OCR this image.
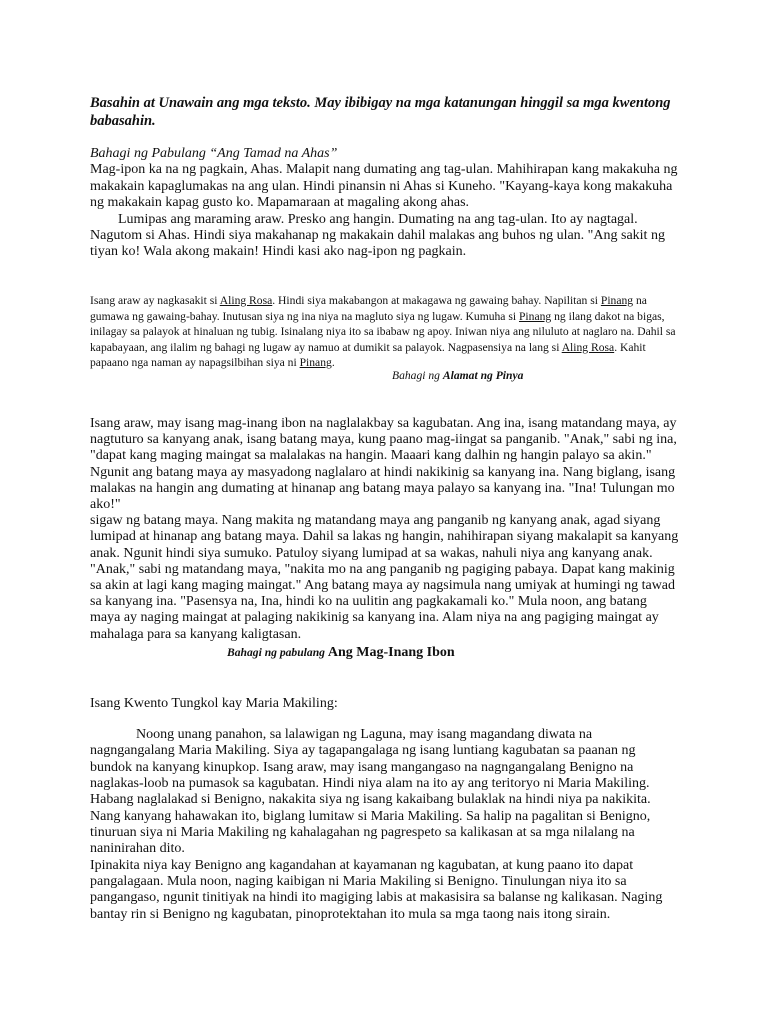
Basahin at Unawain ang mga teksto. May ibibigay na mga katanungan hinggil sa mga kwentong babasahin.

Bahagi ng Pabulang “Ang Tamad na Ahas”

Mag-ipon ka na ng pagkain, Ahas. Malapit nang dumating ang tag-ulan. Mahihirapan kang makakuha ng makakain kapaglumakas na ang ulan. Hindi pinansin ni Ahas si Kuneho. "Kayang-kaya kong makakuha ng makakain kapag gusto ko. Mapamaraan at magaling akong ahas.

Lumipas ang maraming araw. Presko ang hangin. Dumating na ang tag-ulan. Ito ay nagtagal. Nagutom si Ahas. Hindi siya makahanap ng makakain dahil malakas ang buhos ng ulan. "Ang sakit ng tiyan ko! Wala akong makain! Hindi kasi ako nag-ipon ng pagkain.

Isang araw ay nagkasakit si Aling Rosa. Hindi siya makabangon at makagawa ng gawaing bahay. Napilitan si Pinang na gumawa ng gawaing-bahay. Inutusan siya ng ina niya na magluto siya ng lugaw. Kumuha si Pinang ng ilang dakot na bigas, inilagay sa palayok at hinaluan ng tubig. Isinalang niya ito sa ibabaw ng apoy. Iniwan niya ang niluluto at naglaro na. Dahil sa kapabayaan, ang ilalim ng bahagi ng lugaw ay namuo at dumikit sa palayok. Nagpasensiya na lang si Aling Rosa. Kahit papaano nga naman ay napagsilbihan siya ni Pinang.
Bahagi ng Alamat ng Pinya

Isang araw, may isang mag-inang ibon na naglalakbay sa kagubatan. Ang ina, isang matandang maya, ay nagtuturo sa kanyang anak, isang batang maya, kung paano mag-iingat sa panganib. "Anak," sabi ng ina, "dapat kang maging maingat sa malalakas na hangin. Maaari kang dalhin ng hangin palayo sa akin." Ngunit ang batang maya ay masyadong naglalaro at hindi nakikinig sa kanyang ina. Nang biglang, isang malakas na hangin ang dumating at hinanap ang batang maya palayo sa kanyang ina. "Ina! Tulungan mo ako!"

sigaw ng batang maya. Nang makita ng matandang maya ang panganib ng kanyang anak, agad siyang lumipad at hinanap ang batang maya. Dahil sa lakas ng hangin, nahihirapan siyang makalapit sa kanyang anak. Ngunit hindi siya sumuko. Patuloy siyang lumipad at sa wakas, nahuli niya ang kanyang anak. "Anak," sabi ng matandang maya, "nakita mo na ang panganib ng pagiging pabaya. Dapat kang makinig sa akin at lagi kang maging maingat." Ang batang maya ay nagsimula nang umiyak at humingi ng tawad sa kanyang ina. "Pasensya na, Ina, hindi ko na uulitin ang pagkakamali ko." Mula noon, ang batang maya ay naging maingat at palaging nakikinig sa kanyang ina. Alam niya na ang pagiging maingat ay mahalaga para sa kanyang kaligtasan.

Bahagi ng pabulang Ang Mag-Inang Ibon
Isang Kwento Tungkol kay Maria Makiling:

Noong unang panahon, sa lalawigan ng Laguna, may isang magandang diwata na nagngangalang Maria Makiling. Siya ay tagapangalaga ng isang luntiang kagubatan sa paanan ng bundok na kanyang kinupkop. Isang araw, may isang mangangaso na nagngangalang Benigno na naglakas-loob na pumasok sa kagubatan. Hindi niya alam na ito ay ang teritoryo ni Maria Makiling. Habang naglalakad si Benigno, nakakita siya ng isang kakaibang bulaklak na hindi niya pa nakikita. Nang kanyang hahawakan ito, biglang lumitaw si Maria Makiling. Sa halip na pagalitan si Benigno, tinuruan siya ni Maria Makiling ng kahalagahan ng pagrespeto sa kalikasan at sa mga nilalang na naninirahan dito.

Ipinakita niya kay Benigno ang kagandahan at kayamanan ng kagubatan, at kung paano ito dapat pangalagaan. Mula noon, naging kaibigan ni Maria Makiling si Benigno. Tinulungan niya ito sa pangangaso, ngunit tinitiyak na hindi ito magiging labis at makasisira sa balanse ng kalikasan. Naging bantay rin si Benigno ng kagubatan, pinoprotektahan ito mula sa mga taong nais itong sirain.
